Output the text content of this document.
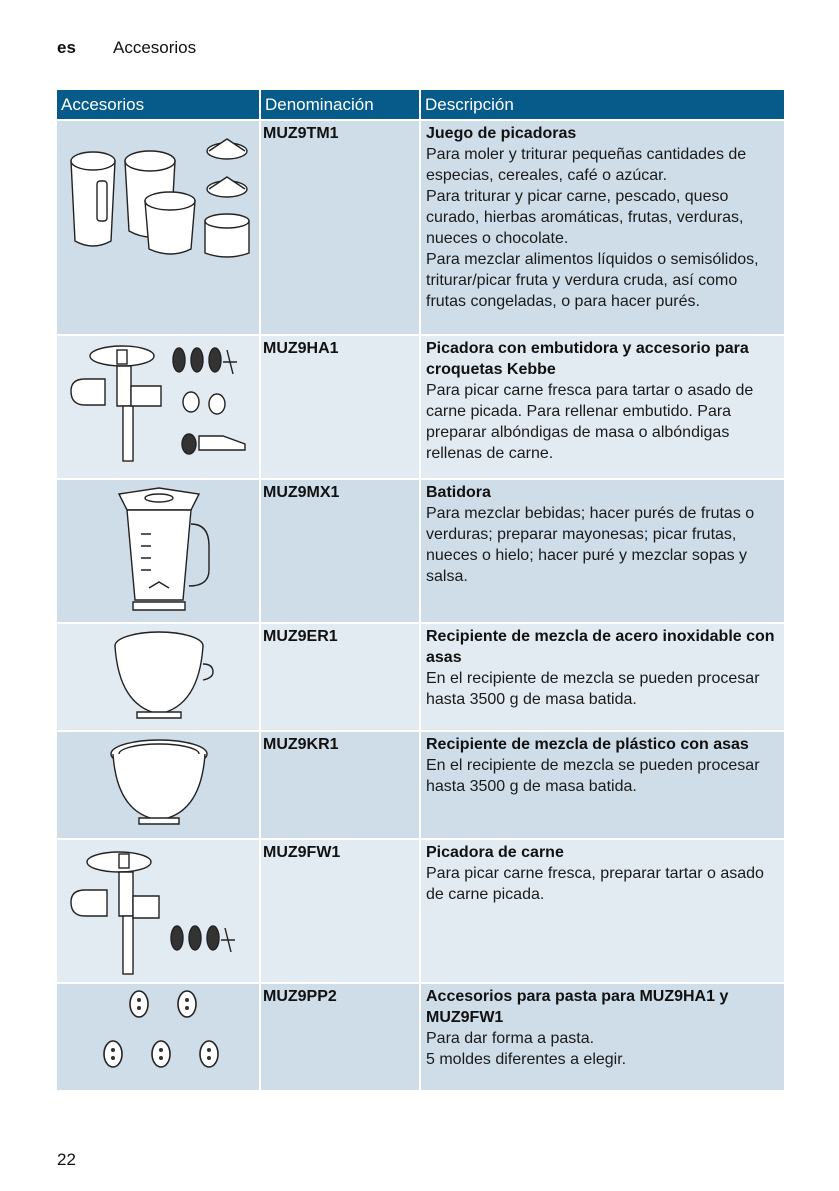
es Accesorios
Accesorios	Denominación	Descripción

	MUZ9TM1	Juego de picadoras
Para moler y triturar pequeñas cantidades de especias, cereales, café o azúcar.
Para triturar y picar carne, pescado, queso curado, hierbas aromáticas, frutas, verduras, nueces o chocolate.
Para mezclar alimentos líquidos o semisólidos, triturar/picar fruta y verdura cruda, así como frutas congeladas, o para hacer purés.

	MUZ9HA1	Picadora con embutidora y accesorio para croquetas Kebbe
Para picar carne fresca para tartar o asado de carne picada. Para rellenar embutido. Para preparar albóndigas de masa o albóndigas rellenas de carne.

	MUZ9MX1	Batidora
Para mezclar bebidas; hacer purés de frutas o verduras; preparar mayonesas; picar frutas, nueces o hielo; hacer puré y mezclar sopas y salsa.

	MUZ9ER1	Recipiente de mezcla de acero inoxidable con asas
En el recipiente de mezcla se pueden procesar hasta 3500 g de masa batida.

	MUZ9KR1	Recipiente de mezcla de plástico con asas
En el recipiente de mezcla se pueden procesar hasta 3500 g de masa batida.

	MUZ9FW1	Picadora de carne
Para picar carne fresca, preparar tartar o asado de carne picada.

	MUZ9PP2	Accesorios para pasta para MUZ9HA1 y MUZ9FW1
Para dar forma a pasta.
5 moldes diferentes a elegir.
22
